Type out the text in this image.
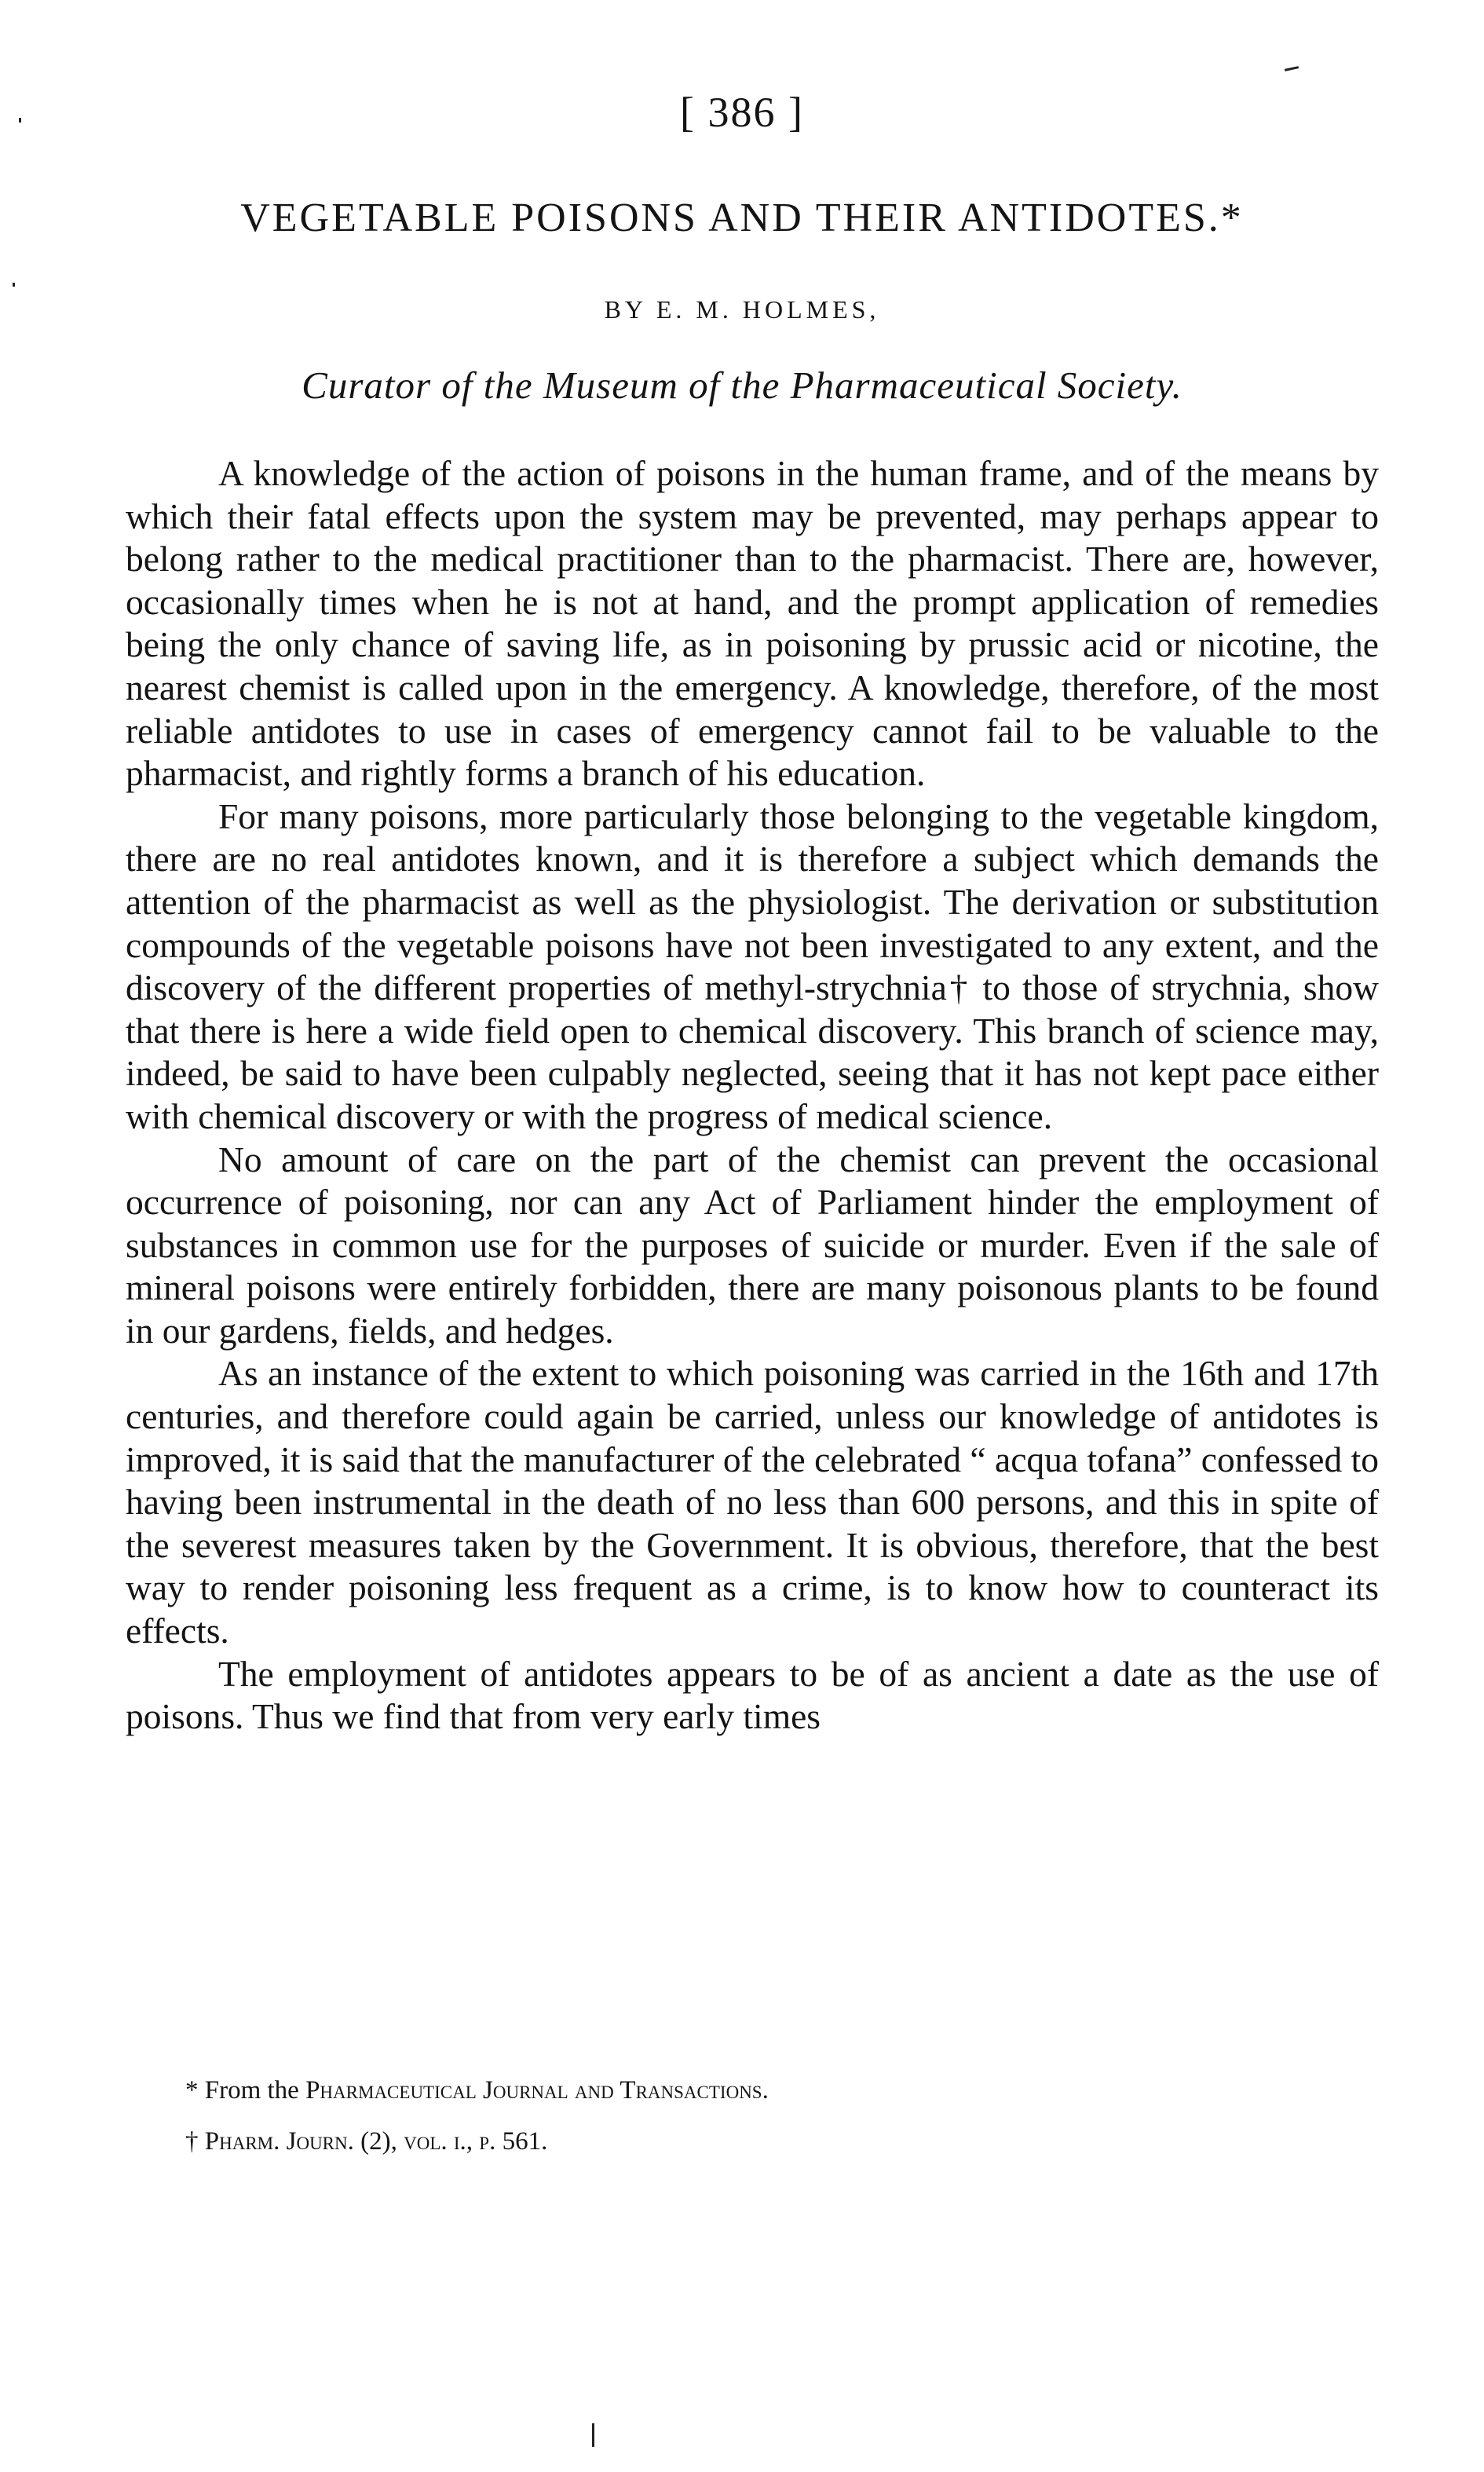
[ 386 ]
VEGETABLE POISONS AND THEIR ANTIDOTES.*
BY E. M. HOLMES,
Curator of the Museum of the Pharmaceutical Society.

A knowledge of the action of poisons in the human frame, and of the means by which their fatal effects upon the system may be prevented, may perhaps appear to belong rather to the medical practitioner than to the pharmacist. There are, however, occasionally times when he is not at hand, and the prompt application of remedies being the only chance of saving life, as in poisoning by prussic acid or nicotine, the nearest chemist is called upon in the emergency. A knowledge, therefore, of the most reliable antidotes to use in cases of emergency cannot fail to be valuable to the pharmacist, and rightly forms a branch of his education.

For many poisons, more particularly those belonging to the vegetable kingdom, there are no real antidotes known, and it is therefore a subject which demands the attention of the pharmacist as well as the physiologist. The derivation or substitution compounds of the vegetable poisons have not been investigated to any extent, and the discovery of the different properties of methyl-strychnia† to those of strychnia, show that there is here a wide field open to chemical discovery. This branch of science may, indeed, be said to have been culpably neglected, seeing that it has not kept pace either with chemical discovery or with the progress of medical science.

No amount of care on the part of the chemist can prevent the occasional occurrence of poisoning, nor can any Act of Parliament hinder the employment of substances in common use for the purposes of suicide or murder. Even if the sale of mineral poisons were entirely forbidden, there are many poisonous plants to be found in our gardens, fields, and hedges.

As an instance of the extent to which poisoning was carried in the 16th and 17th centuries, and therefore could again be carried, unless our knowledge of antidotes is improved, it is said that the manufacturer of the celebrated “ acqua tofana” confessed to having been instrumental in the death of no less than 600 persons, and this in spite of the severest measures taken by the Government. It is obvious, therefore, that the best way to render poisoning less frequent as a crime, is to know how to counteract its effects.

The employment of antidotes appears to be of as ancient a date as the use of poisons. Thus we find that from very early times

* From the Pharmaceutical Journal and Transactions.

† Pharm. Journ. (2), vol. i., p. 561.
